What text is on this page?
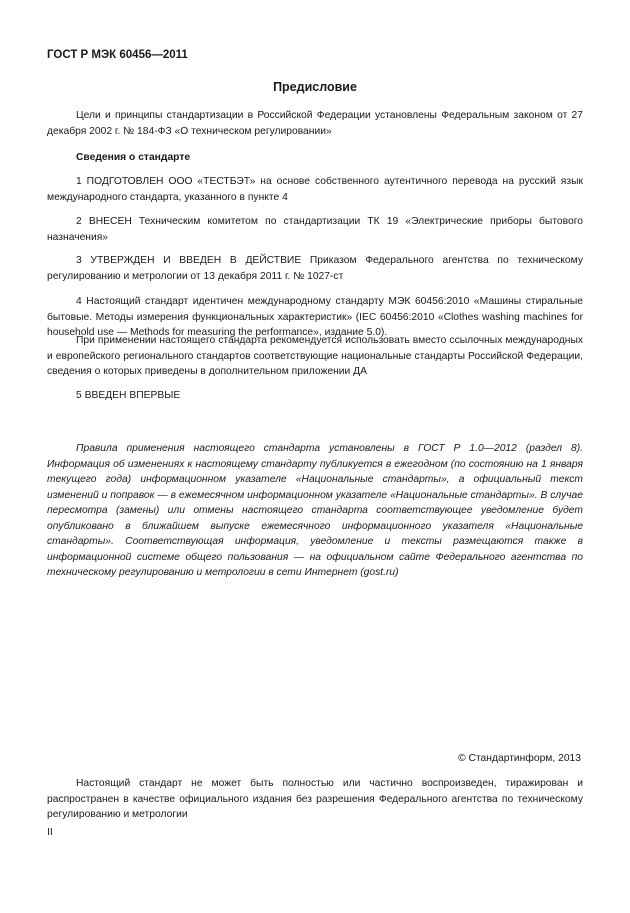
ГОСТ Р МЭК 60456—2011
Предисловие
Цели и принципы стандартизации в Российской Федерации установлены Федеральным законом от 27 декабря 2002 г. № 184-ФЗ «О техническом регулировании»
Сведения о стандарте
1 ПОДГОТОВЛЕН ООО «ТЕСТБЭТ» на основе собственного аутентичного перевода на русский язык международного стандарта, указанного в пункте 4
2 ВНЕСЕН Техническим комитетом по стандартизации ТК 19 «Электрические приборы бытового назначения»
3 УТВЕРЖДЕН И ВВЕДЕН В ДЕЙСТВИЕ Приказом Федерального агентства по техническому регулированию и метрологии от 13 декабря 2011 г. № 1027-ст
4 Настоящий стандарт идентичен международному стандарту МЭК 60456:2010 «Машины стиральные бытовые. Методы измерения функциональных характеристик» (IEC 60456:2010 «Clothes washing machines for household use — Methods for measuring the performance», издание 5.0).
При применении настоящего стандарта рекомендуется использовать вместо ссылочных международных и европейского регионального стандартов соответствующие национальные стандарты Российской Федерации, сведения о которых приведены в дополнительном приложении ДА
5 ВВЕДЕН ВПЕРВЫЕ
Правила применения настоящего стандарта установлены в ГОСТ Р 1.0—2012 (раздел 8). Информация об изменениях к настоящему стандарту публикуется в ежегодном (по состоянию на 1 января текущего года) информационном указателе «Национальные стандарты», а официальный текст изменений и поправок — в ежемесячном информационном указателе «Национальные стандарты». В случае пересмотра (замены) или отмены настоящего стандарта соответствующее уведомление будет опубликовано в ближайшем выпуске ежемесячного информационного указателя «Национальные стандарты». Соответствующая информация, уведомление и тексты размещаются также в информационной системе общего пользования — на официальном сайте Федерального агентства по техническому регулированию и метрологии в сети Интернет (gost.ru)
© Стандартинформ, 2013
Настоящий стандарт не может быть полностью или частично воспроизведен, тиражирован и распространен в качестве официального издания без разрешения Федерального агентства по техническому регулированию и метрологии
II
